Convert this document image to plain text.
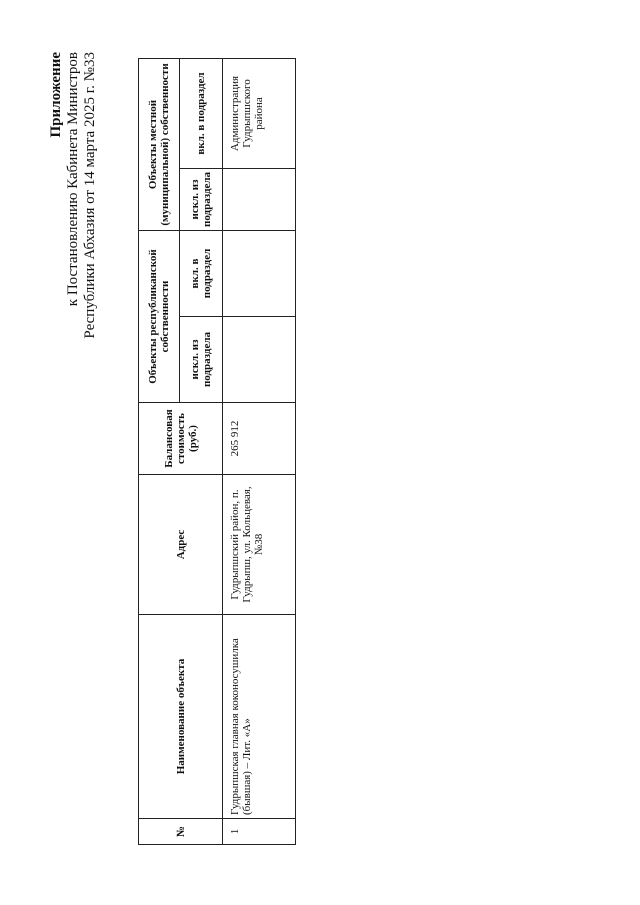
Приложение к Постановлению Кабинета Министров Республики Абхазия от 14 марта 2025 г. №33
№	Наименование объекта	Адрес	Балансовая стоимость (руб.)	Объекты республиканской собственности		Объекты местной (муниципальной) собственности	
				искл. из подраздела	вкл. в подраздел	искл. из подраздела	вкл. в подраздел
1	Гудрыпшская главная коконосушилка (бывшая) – Лит. «А»	Гудрыпшский район, п. Гудрыпш, ул. Кольцевая, №38	265 912				Администрация Гудрыпшского района
